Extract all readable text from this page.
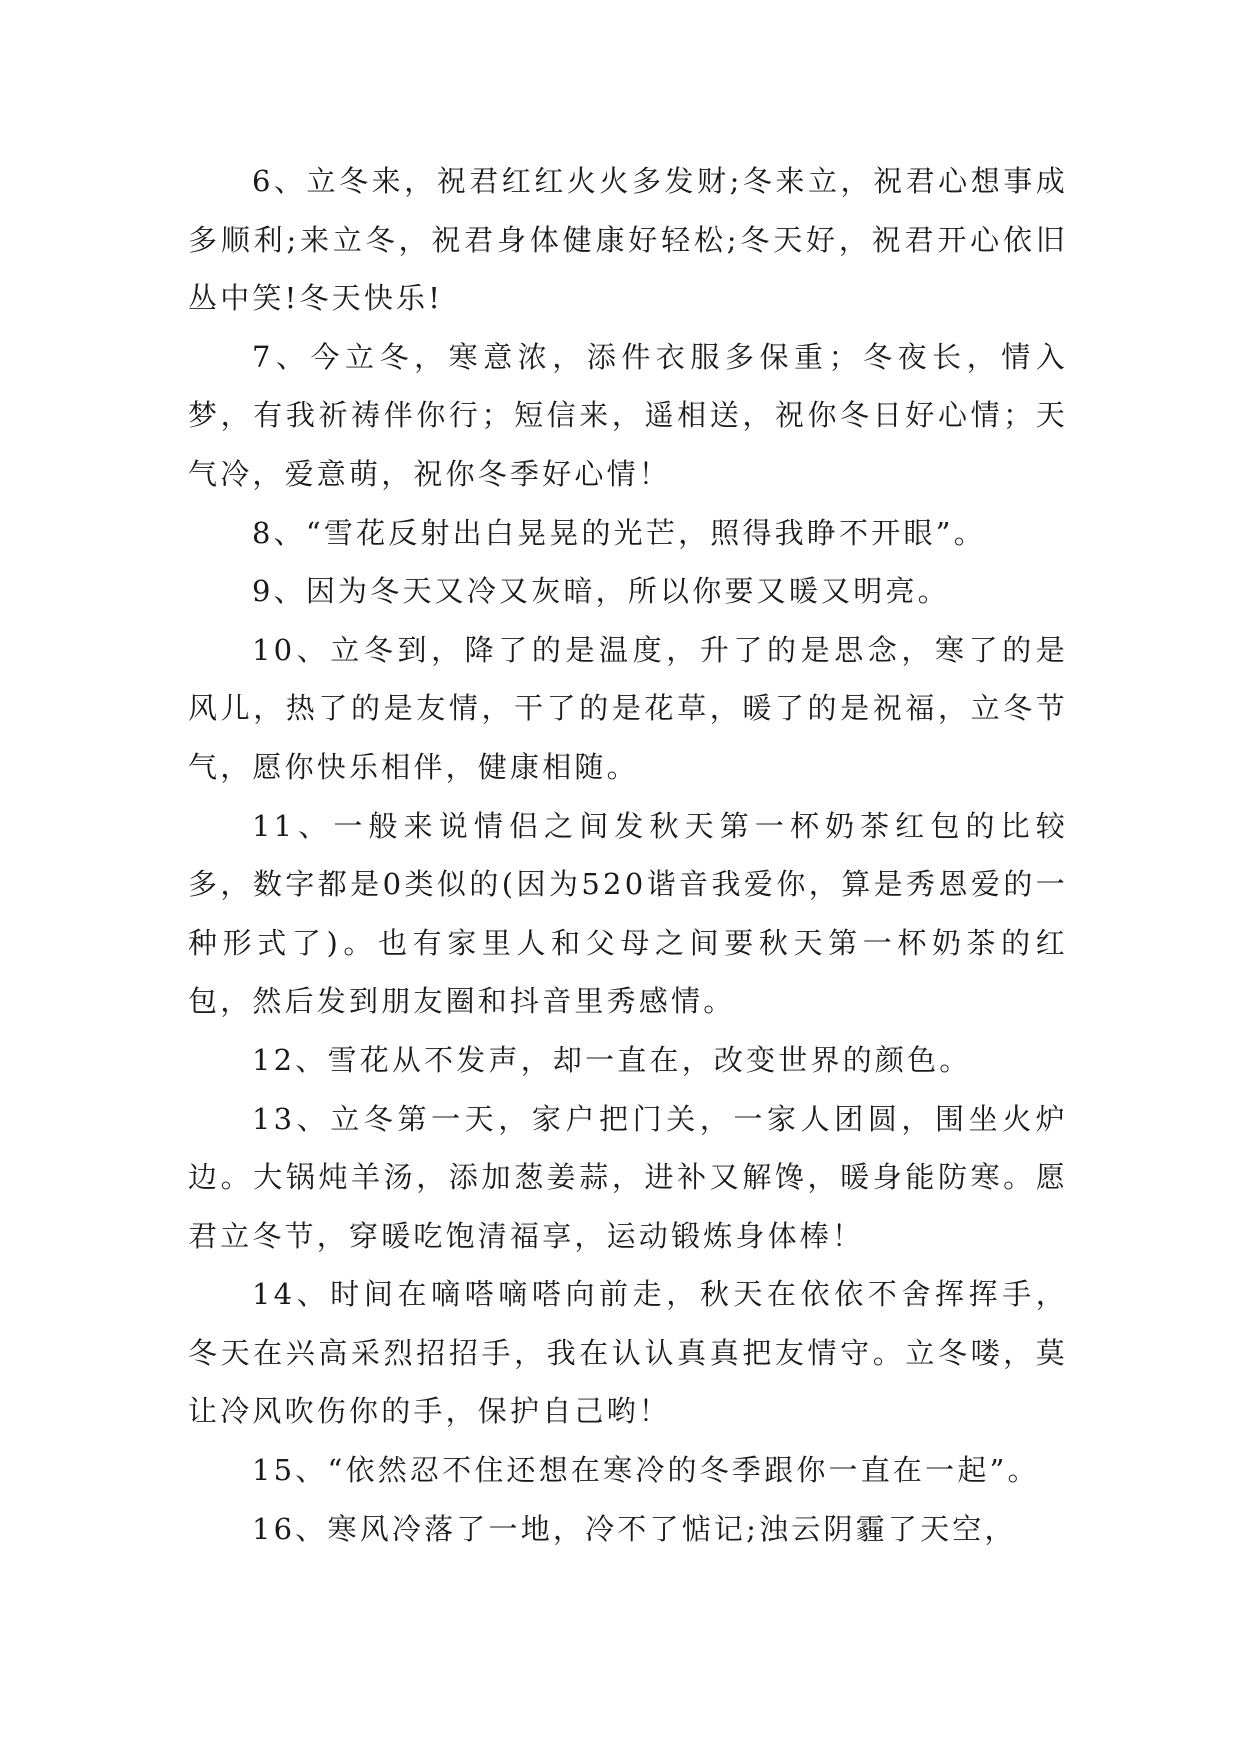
6、立冬来，祝君红红火火多发财;冬来立，祝君心想事成多顺利;来立冬，祝君身体健康好轻松;冬天好，祝君开心依旧丛中笑!冬天快乐!

7、今立冬，寒意浓，添件衣服多保重；冬夜长，情入梦，有我祈祷伴你行；短信来，遥相送，祝你冬日好心情；天气冷，爱意萌，祝你冬季好心情！

8、“雪花反射出白晃晃的光芒，照得我睁不开眼”。

9、因为冬天又冷又灰暗，所以你要又暖又明亮。

10、立冬到，降了的是温度，升了的是思念，寒了的是风儿，热了的是友情，干了的是花草，暖了的是祝福，立冬节气，愿你快乐相伴，健康相随。

11、一般来说情侣之间发秋天第一杯奶茶红包的比较多，数字都是0类似的(因为520谐音我爱你，算是秀恩爱的一种形式了)。也有家里人和父母之间要秋天第一杯奶茶的红包，然后发到朋友圈和抖音里秀感情。

12、雪花从不发声，却一直在，改变世界的颜色。

13、立冬第一天，家户把门关，一家人团圆，围坐火炉边。大锅炖羊汤，添加葱姜蒜，进补又解馋，暖身能防寒。愿君立冬节，穿暖吃饱清福享，运动锻炼身体棒！

14、时间在嘀嗒嘀嗒向前走，秋天在依依不舍挥挥手，冬天在兴高采烈招招手，我在认认真真把友情守。立冬喽，莫让冷风吹伤你的手，保护自己哟！

15、“依然忍不住还想在寒冷的冬季跟你一直在一起”。

16、寒风冷落了一地，冷不了惦记;浊云阴霾了天空，
